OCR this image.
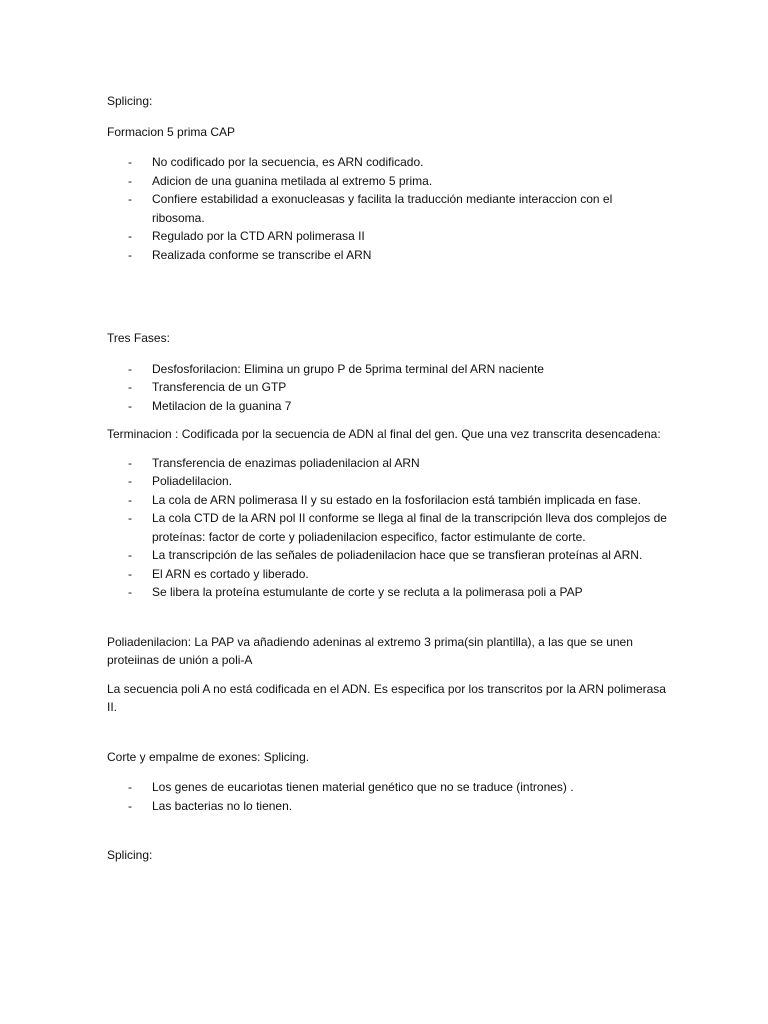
Splicing:

Formacion 5 prima CAP

- No codificado por la secuencia, es ARN codificado.
- Adicion de una guanina metilada al extremo 5 prima.
- Confiere estabilidad a exonucleasas y facilita la traducción mediante interaccion con el ribosoma.
- Regulado por la CTD ARN polimerasa II
- Realizada conforme se transcribe el ARN

Tres Fases:

- Desfosforilacion: Elimina un grupo P de 5prima terminal del ARN naciente
- Transferencia de un GTP
- Metilacion de la guanina 7

Terminacion : Codificada por la secuencia de ADN al final del gen. Que una vez transcrita desencadena:

- Transferencia de enazimas poliadenilacion al ARN
- Poliadelilacion.
- La cola de ARN polimerasa II y su estado en la fosforilacion está también implicada en fase.
- La cola CTD de la ARN pol II conforme se llega al final de la transcripción lleva dos complejos de proteínas: factor de corte y poliadenilacion especifico, factor estimulante de corte.
- La transcripción de las señales de poliadenilacion hace que se transfieran proteínas al ARN.
- El ARN es cortado y liberado.
- Se libera la proteína estumulante de corte y se recluta a la polimerasa poli a PAP

Poliadenilacion: La PAP va añadiendo adeninas al extremo 3 prima(sin plantilla), a las que se unen proteiinas de unión a poli-A

La secuencia poli A no está codificada en el ADN. Es especifica por los transcritos por la ARN polimerasa II.

Corte y empalme de exones: Splicing.

- Los genes de eucariotas tienen material genético que no se traduce (intrones) .
- Las bacterias no lo tienen.

Splicing:
